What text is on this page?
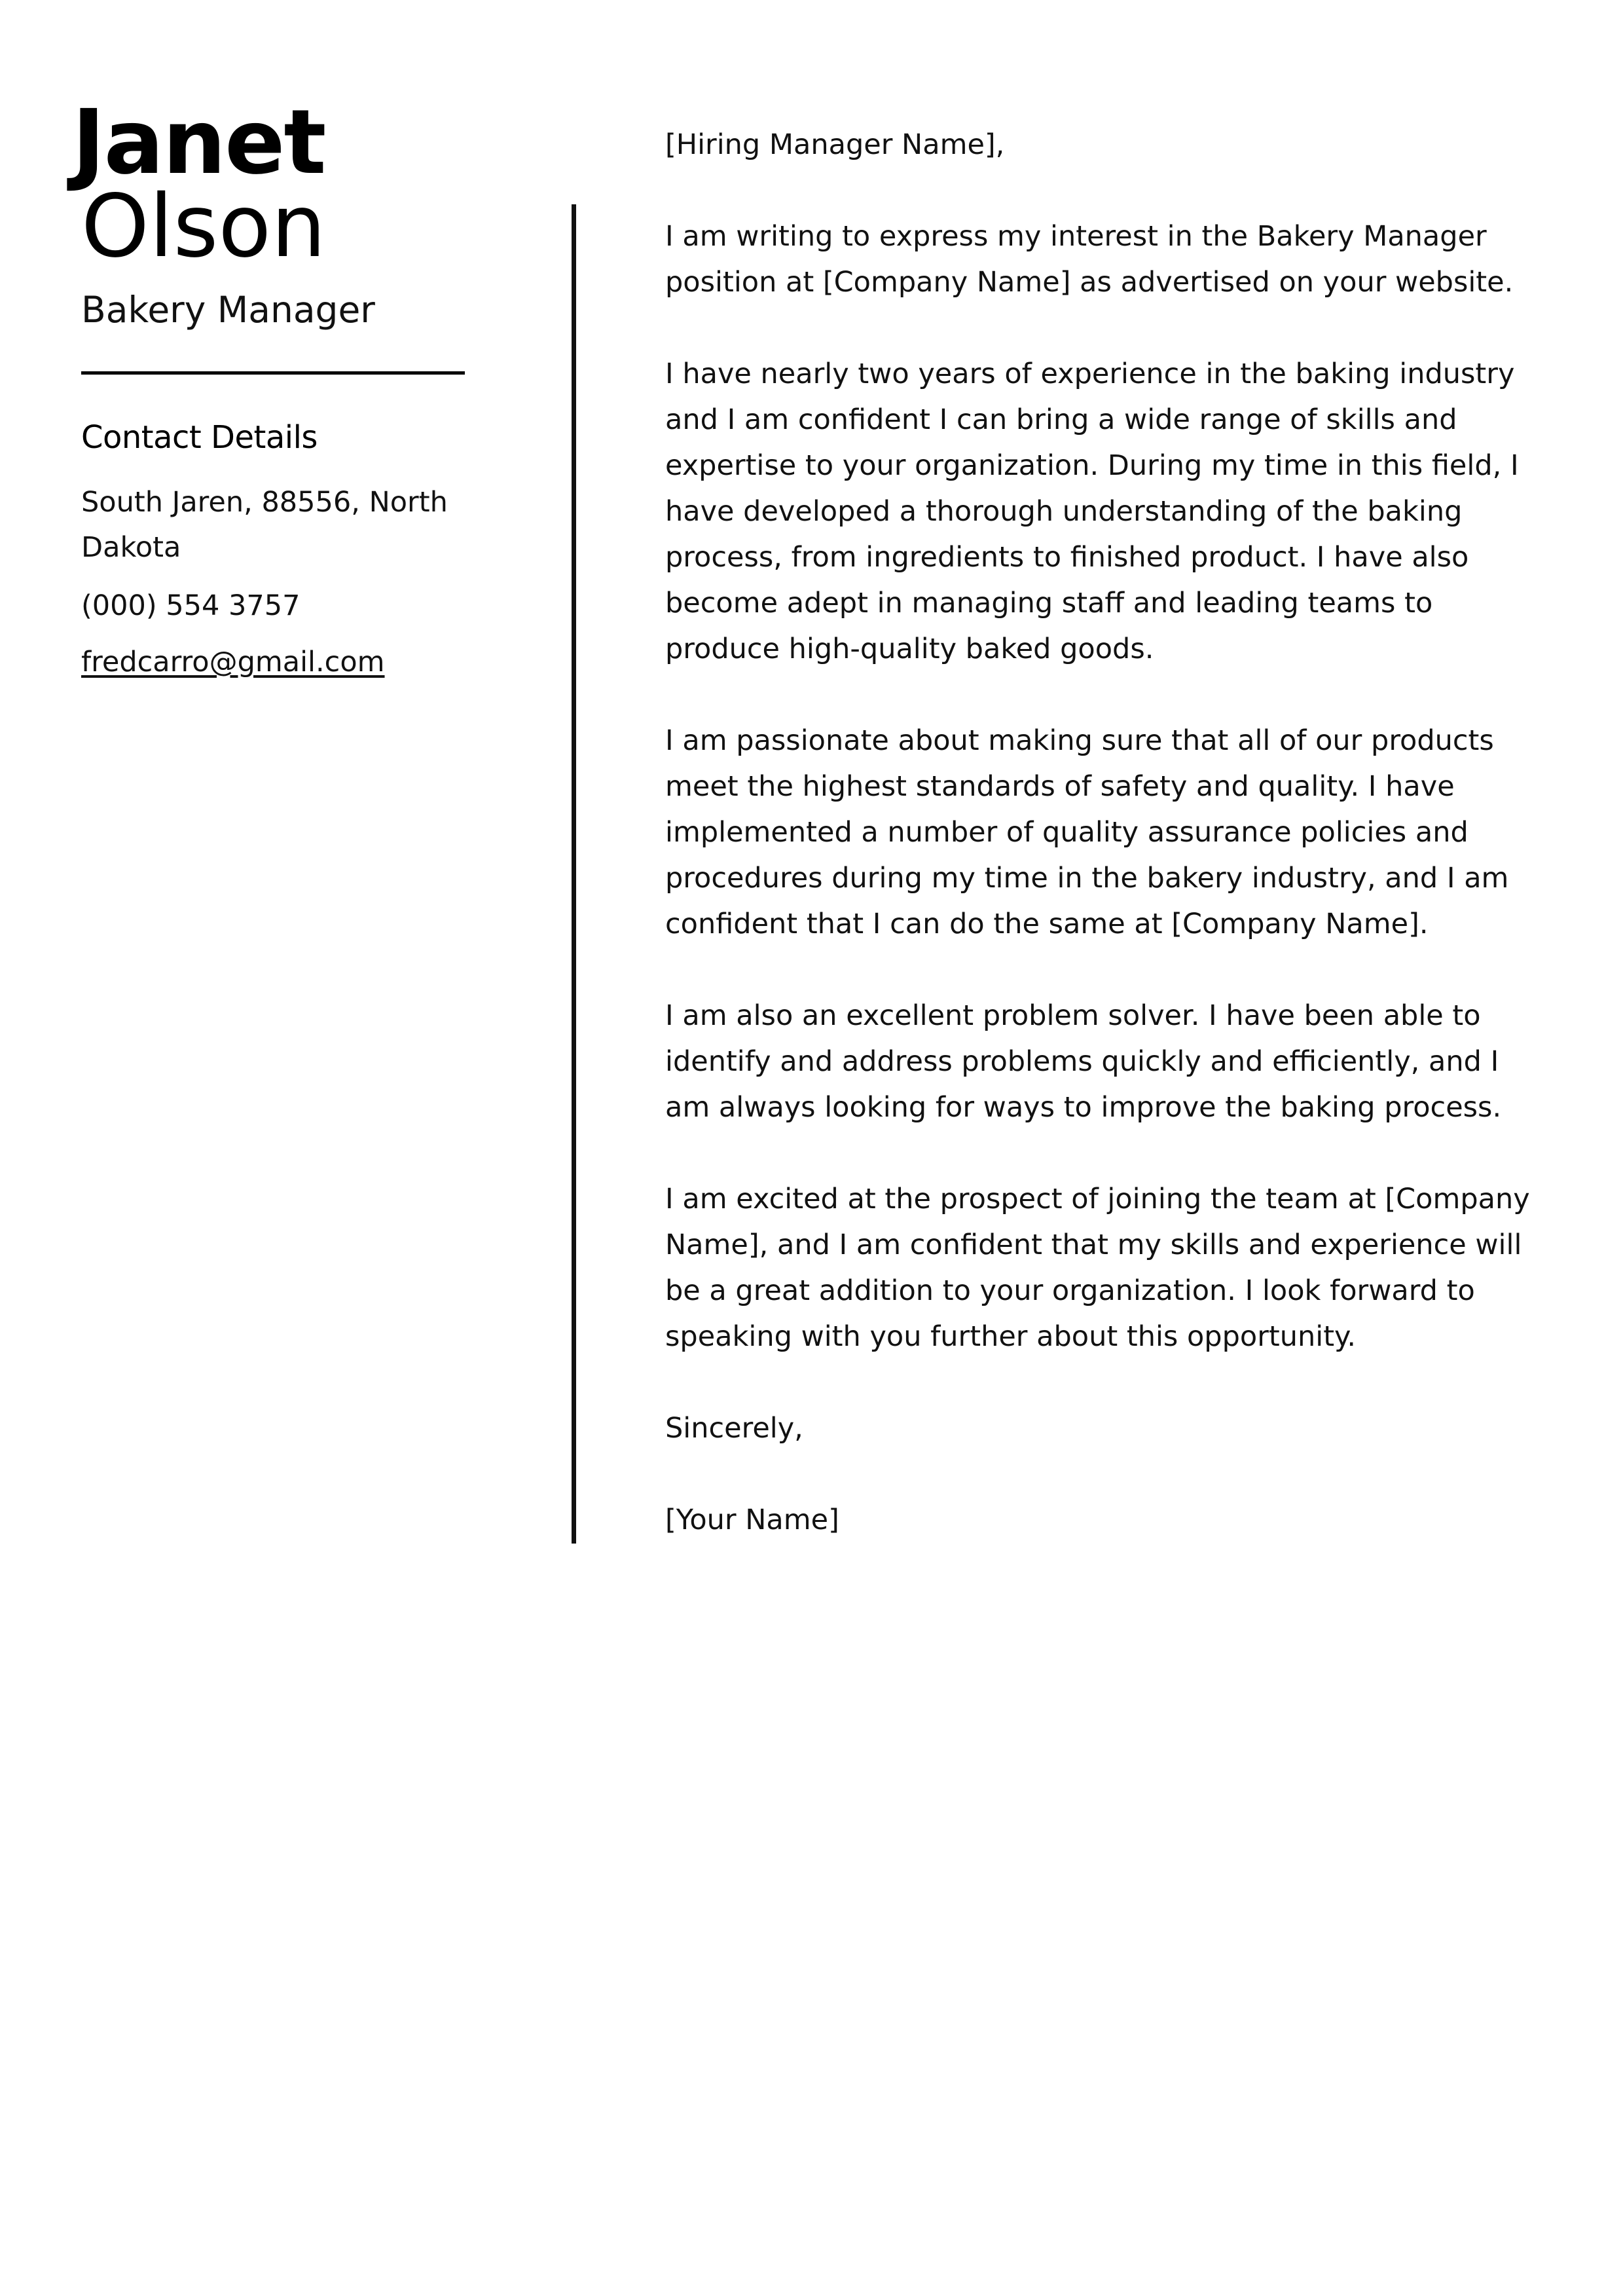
Janet
Olson
Bakery Manager
Contact Details
South Jaren, 88556, North Dakota
(000) 554 3757
fredcarro@gmail.com

[Hiring Manager Name],

I am writing to express my interest in the Bakery Manager position at [Company Name] as advertised on your website.

I have nearly two years of experience in the baking industry and I am confident I can bring a wide range of skills and expertise to your organization. During my time in this field, I have developed a thorough understanding of the baking process, from ingredients to finished product. I have also become adept in managing staff and leading teams to produce high-quality baked goods.

I am passionate about making sure that all of our products meet the highest standards of safety and quality. I have implemented a number of quality assurance policies and procedures during my time in the bakery industry, and I am confident that I can do the same at [Company Name].

I am also an excellent problem solver. I have been able to identify and address problems quickly and efficiently, and I am always looking for ways to improve the baking process.

I am excited at the prospect of joining the team at [Company Name], and I am confident that my skills and experience will be a great addition to your organization. I look forward to speaking with you further about this opportunity.

Sincerely,

[Your Name]
